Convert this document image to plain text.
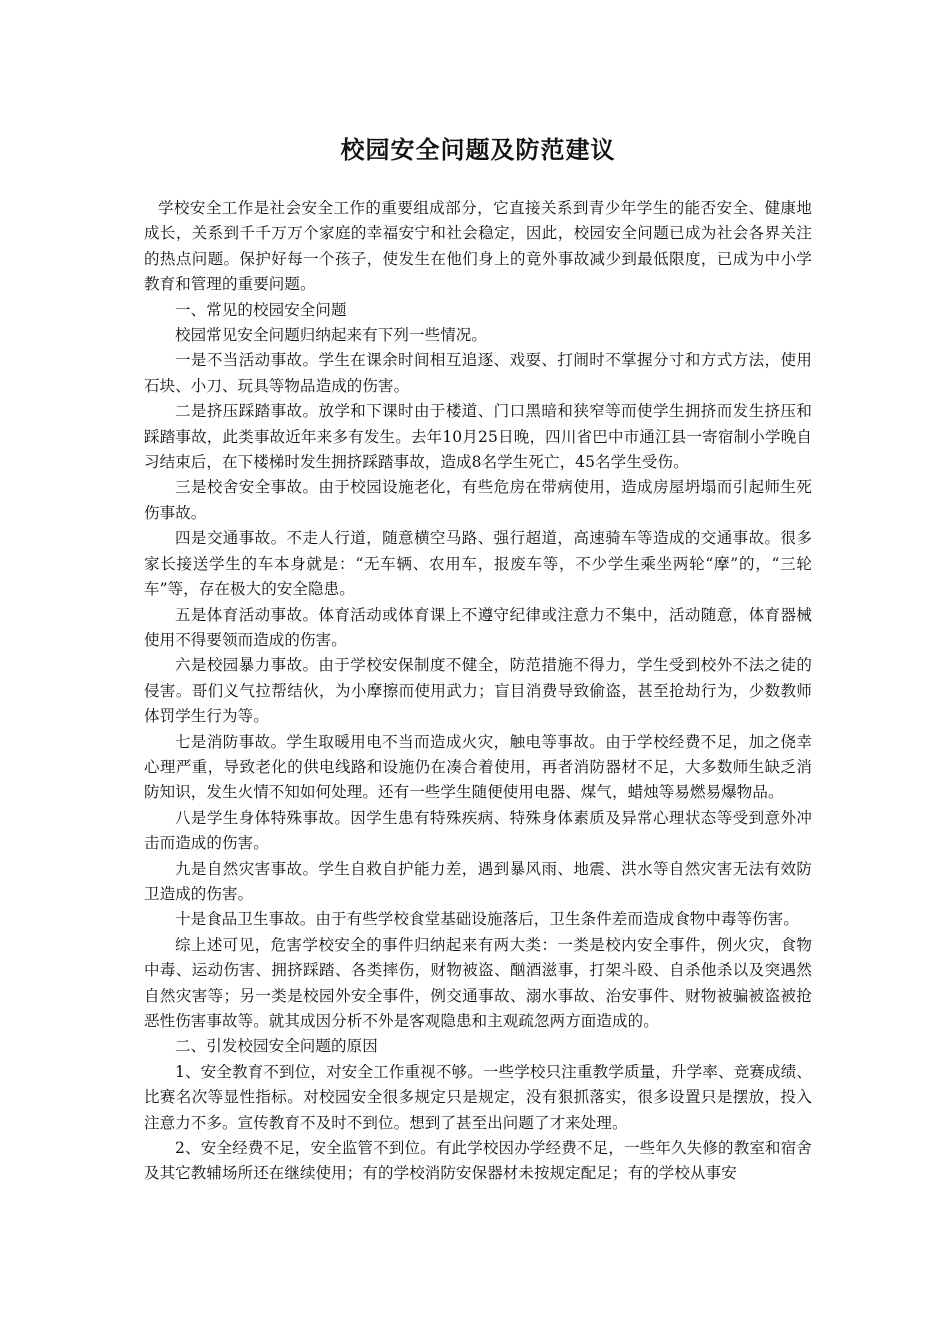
校园安全问题及防范建议

学校安全工作是社会安全工作的重要组成部分，它直接关系到青少年学生的能否安全、健康地成长，关系到千千万万个家庭的幸福安宁和社会稳定，因此，校园安全问题已成为社会各界关注的热点问题。保护好每一个孩子，使发生在他们身上的竟外事故减少到最低限度，已成为中小学教育和管理的重要问题。

一、常见的校园安全问题

校园常见安全问题归纳起来有下列一些情况。

一是不当活动事故。学生在课余时间相互追逐、戏耍、打闹时不掌握分寸和方式方法，使用石块、小刀、玩具等物品造成的伤害。

二是挤压踩踏事故。放学和下课时由于楼道、门口黑暗和狭窄等而使学生拥挤而发生挤压和踩踏事故，此类事故近年来多有发生。去年10月25日晚，四川省巴中市通江县一寄宿制小学晚自习结束后，在下楼梯时发生拥挤踩踏事故，造成8名学生死亡，45名学生受伤。

三是校舍安全事故。由于校园设施老化，有些危房在带病使用，造成房屋坍塌而引起师生死伤事故。

四是交通事故。不走人行道，随意横空马路、强行超道，高速骑车等造成的交通事故。很多家长接送学生的车本身就是：“无车辆、农用车，报废车等，不少学生乘坐两轮“摩”的，“三轮车”等，存在极大的安全隐患。

五是体育活动事故。体育活动或体育课上不遵守纪律或注意力不集中，活动随意，体育器械使用不得要领而造成的伤害。

六是校园暴力事故。由于学校安保制度不健全，防范措施不得力，学生受到校外不法之徒的侵害。哥们义气拉帮结伙，为小摩擦而使用武力；盲目消费导致偷盗，甚至抢劫行为，少数教师体罚学生行为等。

七是消防事故。学生取暖用电不当而造成火灾，触电等事故。由于学校经费不足，加之侥幸心理严重，导致老化的供电线路和设施仍在凑合着使用，再者消防器材不足，大多数师生缺乏消防知识，发生火情不知如何处理。还有一些学生随便使用电器、煤气，蜡烛等易燃易爆物品。

八是学生身体特殊事故。因学生患有特殊疾病、特殊身体素质及异常心理状态等受到意外冲击而造成的伤害。

九是自然灾害事故。学生自救自护能力差，遇到暴风雨、地震、洪水等自然灾害无法有效防卫造成的伤害。

十是食品卫生事故。由于有些学校食堂基础设施落后，卫生条件差而造成食物中毒等伤害。

综上述可见，危害学校安全的事件归纳起来有两大类：一类是校内安全事件，例火灾，食物中毒、运动伤害、拥挤踩踏、各类摔伤，财物被盗、酗酒滋事，打架斗殴、自杀他杀以及突遇然自然灾害等；另一类是校园外安全事件，例交通事故、溺水事故、治安事件、财物被骗被盗被抢恶性伤害事故等。就其成因分析不外是客观隐患和主观疏忽两方面造成的。

二、引发校园安全问题的原因

1、安全教育不到位，对安全工作重视不够。一些学校只注重教学质量，升学率、竞赛成绩、比赛名次等显性指标。对校园安全很多规定只是规定，没有狠抓落实，很多设置只是摆放，投入注意力不多。宣传教育不及时不到位。想到了甚至出问题了才来处理。

2、安全经费不足，安全监管不到位。有此学校因办学经费不足，一些年久失修的教室和宿舍及其它教辅场所还在继续使用；有的学校消防安保器材未按规定配足；有的学校从事安
